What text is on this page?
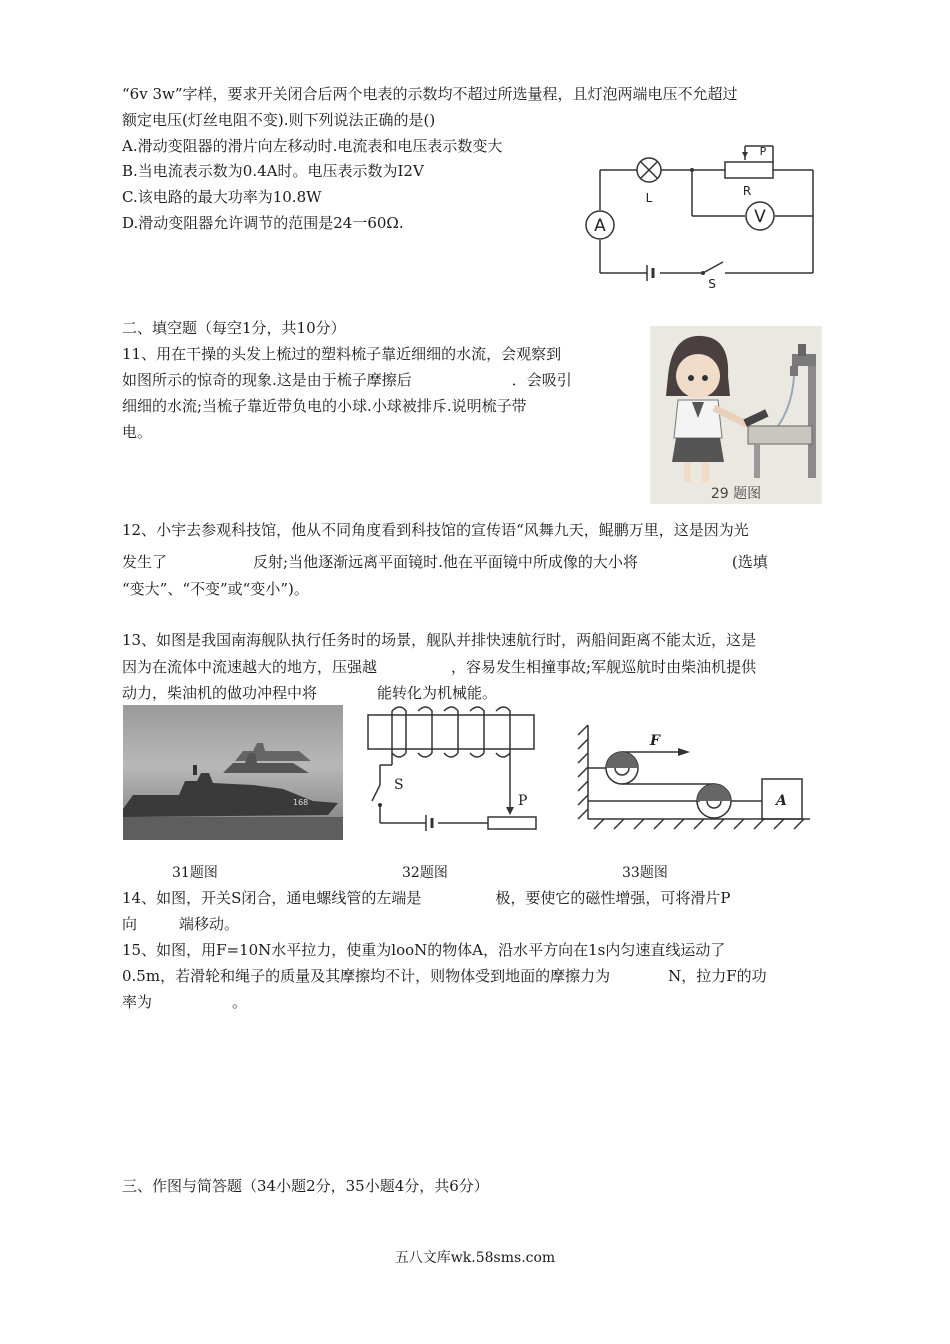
“6v 3w”字样，要求开关闭合后两个电表的示数均不超过所选量程，且灯泡两端电压不允超过
额定电压(灯丝电阻不变).则下列说法正确的是()
A.滑动变阻器的滑片向左移动时.电流表和电压表示数变大
B.当电流表示数为0.4A时。电压表示数为I2V
C.该电路的最大功率为10.8W
D.滑动变阻器允许调节的范围是24一60Ω.	A	V
L	R
P
S
二、填空题（每空1分，共10分）
11、用在干操的头发上梳过的塑料梳子靠近细细的水流，会观察到
如图所示的惊奇的现象.这是由于梳子摩擦后	．会吸引
细细的水流;当梳子靠近带负电的小球.小球被排斥.说明梳子带
电。
29 题图
12、小宇去参观科技馆，他从不同角度看到科技馆的宣传语“风舞九天，鲲鹏万里，这是因为光
发生了	反射;当他逐渐远离平面镜时.他在平面镜中所成像的大小将	(选填
“变大”、“不变”或“变小”)。
13、如图是我国南海舰队执行任务时的场景，舰队并排快速航行时，两船间距离不能太近，这是
因为在流体中流速越大的地方，压强越	，容易发生相撞事故;军舰巡航时由柴油机提供
动力，柴油机的做功冲程中将	能转化为机械能。
168
S
P
F
A
31题图	32题图	33题图
14、如图，开关S闭合，通电螺线管的左端是	极，要使它的磁性增强，可将滑片P
向	端移动。
15、如图，用F=10N水平拉力，使重为looN的物体A，沿水平方向在1s内匀速直线运动了
0.5m，若滑轮和绳子的质量及其摩擦均不计，则物体受到地面的摩擦力为	N，拉力F的功
率为	。
三、作图与简答题（34小题2分，35小题4分，共6分）
五八文库wk.58sms.com
